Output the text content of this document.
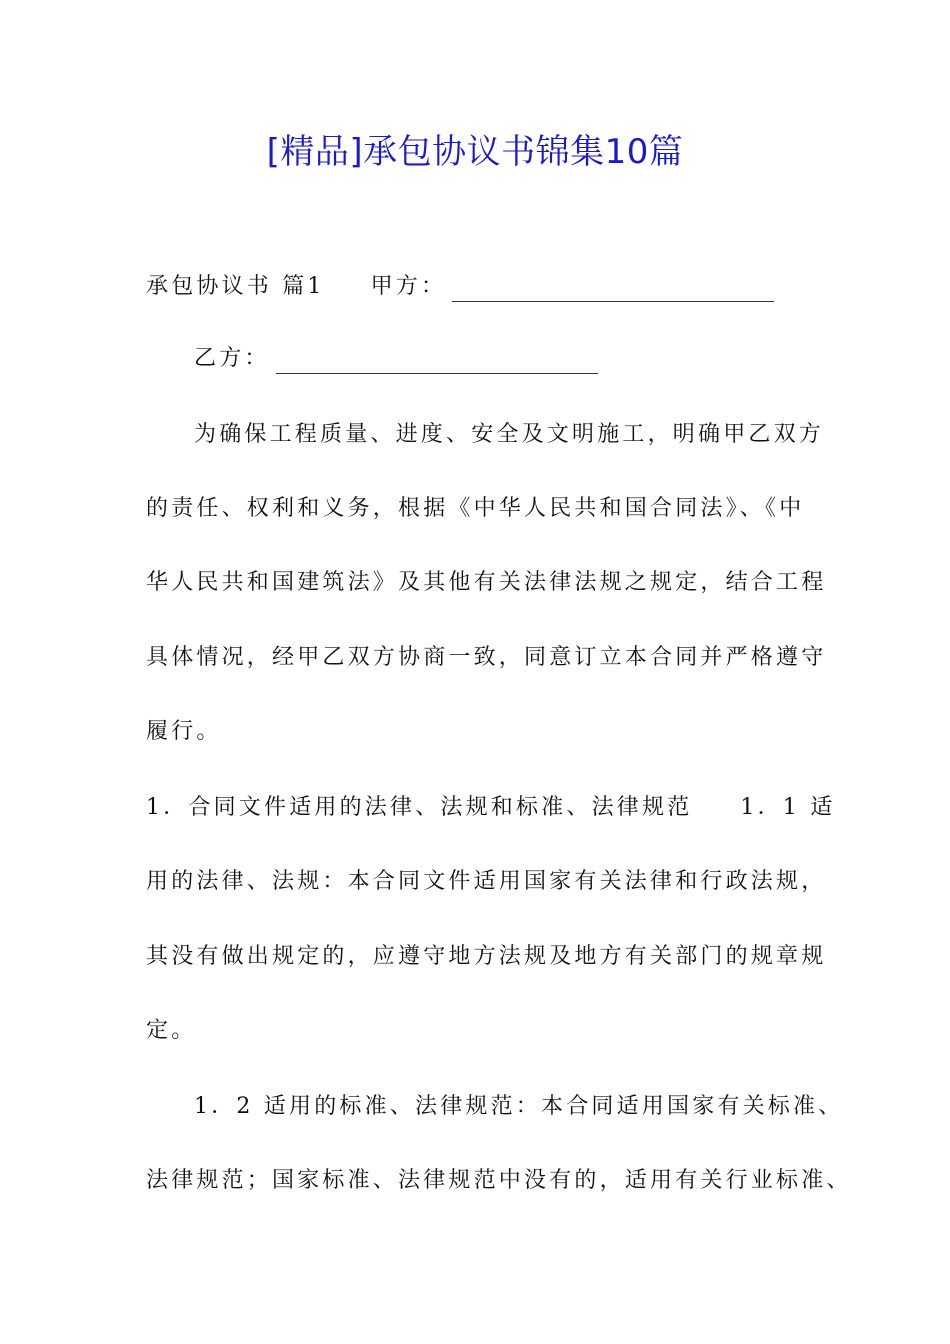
[精品]承包协议书锦集10篇
承包协议书 篇1 甲方：
乙方：
为确保工程质量、进度、安全及文明施工，明确甲乙双方
的责任、权利和义务，根据《中华人民共和国合同法》、《中
华人民共和国建筑法》及其他有关法律法规之规定，结合工程
具体情况，经甲乙双方协商一致，同意订立本合同并严格遵守
履行。
1．合同文件适用的法律、法规和标准、法律规范 1．1 适
用的法律、法规：本合同文件适用国家有关法律和行政法规，
其没有做出规定的，应遵守地方法规及地方有关部门的规章规
定。
1．2 适用的标准、法律规范：本合同适用国家有关标准、
法律规范；国家标准、法律规范中没有的，适用有关行业标准、
